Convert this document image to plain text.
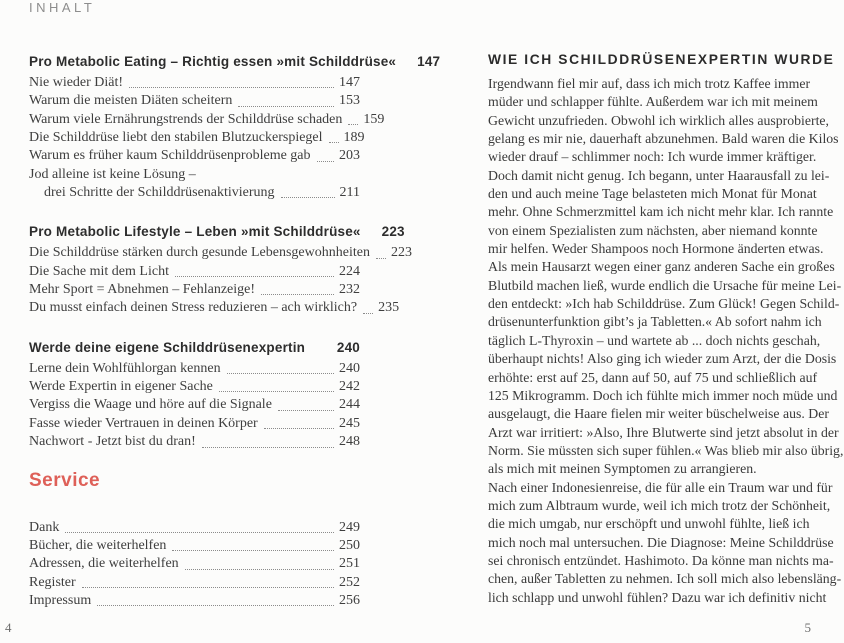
INHALT
Pro Metabolic Eating – Richtig essen »mit Schilddrüse« 147
Nie wieder Diät!	147
Warum die meisten Diäten scheitern	153
Warum viele Ernährungstrends der Schilddrüse schaden 159
Die Schilddrüse liebt den stabilen Blutzuckerspiegel 189
Warum es früher kaum Schilddrüsenprobleme gab 203
Jod alleine ist keine Lösung –
drei Schritte der Schilddrüsenaktivierung	211
Pro Metabolic Lifestyle – Leben »mit Schilddrüse« 223
Die Schilddrüse stärken durch gesunde Lebensgewohnheiten 223
Die Sache mit dem Licht	224
Mehr Sport = Abnehmen – Fehlanzeige!	232
Du musst einfach deinen Stress reduzieren – ach wirklich? 235
Werde deine eigene Schilddrüsenexpertin 240
Lerne dein Wohlfühlorgan kennen	240
Werde Expertin in eigener Sache	242
Vergiss die Waage und höre auf die Signale	244
Fasse wieder Vertrauen in deinen Körper	245
Nachwort - Jetzt bist du dran!	248
Service
Dank	249
Bücher, die weiterhelfen	250
Adressen, die weiterhelfen	251
Register	252
Impressum	256
WIE ICH SCHILDDRÜSENEXPERTIN WURDE
Irgendwann fiel mir auf, dass ich mich trotz Kaffee immer
müder und schlapper fühlte. Außerdem war ich mit meinem
Gewicht unzufrieden. Obwohl ich wirklich alles ausprobierte,
gelang es mir nie, dauerhaft abzunehmen. Bald waren die Kilos
wieder drauf – schlimmer noch: Ich wurde immer kräftiger.
Doch damit nicht genug. Ich begann, unter Haarausfall zu lei-
den und auch meine Tage belasteten mich Monat für Monat
mehr. Ohne Schmerzmittel kam ich nicht mehr klar. Ich rannte
von einem Spezialisten zum nächsten, aber niemand konnte
mir helfen. Weder Shampoos noch Hormone änderten etwas.
Als mein Hausarzt wegen einer ganz anderen Sache ein großes
Blutbild machen ließ, wurde endlich die Ursache für meine Lei-
den entdeckt: »Ich hab Schilddrüse. Zum Glück! Gegen Schild-
drüsenunterfunktion gibt’s ja Tabletten.« Ab sofort nahm ich
täglich L-Thyroxin – und wartete ab ... doch nichts geschah,
überhaupt nichts! Also ging ich wieder zum Arzt, der die Dosis
erhöhte: erst auf 25, dann auf 50, auf 75 und schließlich auf
125 Mikrogramm. Doch ich fühlte mich immer noch müde und
ausgelaugt, die Haare fielen mir weiter büschelweise aus. Der
Arzt war irritiert: »Also, Ihre Blutwerte sind jetzt absolut in der
Norm. Sie müssten sich super fühlen.« Was blieb mir also übrig,
als mich mit meinen Symptomen zu arrangieren.
Nach einer Indonesienreise, die für alle ein Traum war und für
mich zum Albtraum wurde, weil ich mich trotz der Schönheit,
die mich umgab, nur erschöpft und unwohl fühlte, ließ ich
mich noch mal untersuchen. Die Diagnose: Meine Schilddrüse
sei chronisch entzündet. Hashimoto. Da könne man nichts ma-
chen, außer Tabletten zu nehmen. Ich soll mich also lebensläng-
lich schlapp und unwohl fühlen? Dazu war ich definitiv nicht
4	5
